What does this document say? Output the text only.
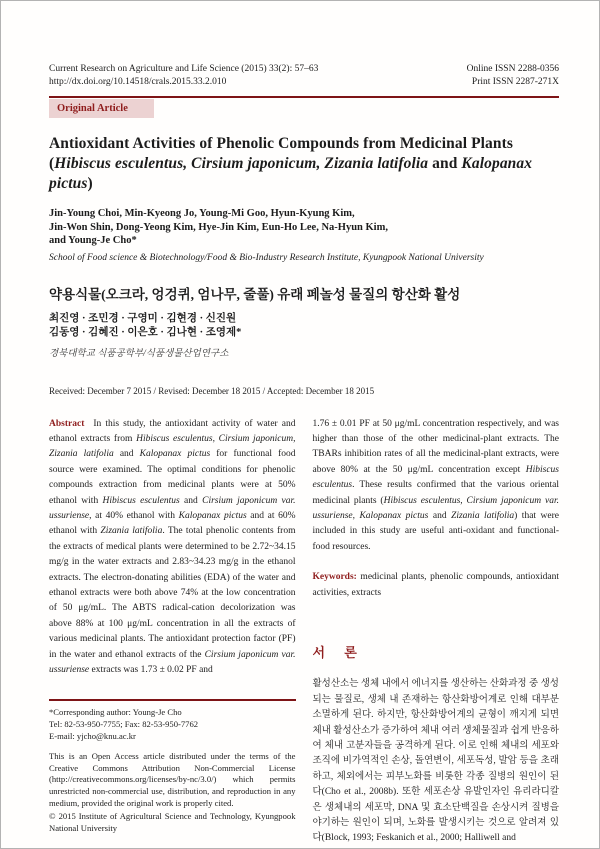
Current Research on Agriculture and Life Science (2015) 33(2): 57–63
http://dx.doi.org/10.14518/crals.2015.33.2.010
Online ISSN 2288-0356
Print ISSN 2287-271X
Original Article
Antioxidant Activities of Phenolic Compounds from Medicinal Plants
(Hibiscus esculentus, Cirsium japonicum, Zizania latifolia and Kalopanax pictus)
Jin-Young Choi, Min-Kyeong Jo, Young-Mi Goo, Hyun-Kyung Kim,
Jin-Won Shin, Dong-Yeong Kim, Hye-Jin Kim, Eun-Ho Lee, Na-Hyun Kim,
and Young-Je Cho*
School of Food science & Biotechnology/Food & Bio-Industry Research Institute, Kyungpook National University
약용식물(오크라, 엉겅퀴, 엄나무, 줄풀) 유래 페놀성 물질의 항산화 활성
최진영 · 조민경 · 구영미 · 김현경 · 신진원
김동영 · 김혜진 · 이은호 · 김나현 · 조영제*
경북대학교 식품공학부/식품생물산업연구소
Received: December 7 2015 / Revised: December 18 2015 / Accepted: December 18 2015
Abstract In this study, the antioxidant activity of water and ethanol extracts from Hibiscus esculentus, Cirsium japonicum, Zizania latifolia and Kalopanax pictus for functional food source were examined. The optimal conditions for phenolic compounds extraction from medicinal plants were at 50% ethanol with Hibiscus esculentus and Cirsium japonicum var. ussuriense, at 40% ethanol with Kalopanax pictus and at 60% ethanol with Zizania latifolia. The total phenolic contents from the extracts of medical plants were determined to be 2.72~34.15 mg/g in the water extracts and 2.83~34.23 mg/g in the ethanol extracts. The electron-donating abilities (EDA) of the water and ethanol extracts were both above 74% at the low concentration of 50 μg/mL. The ABTS radical-cation decolorization was above 88% at 100 μg/mL concentration in all the extracts of various medicinal plants. The antioxidant protection factor (PF) in the water and ethanol extracts of the Cirsium japonicum var. ussuriense extracts was 1.73 ± 0.02 PF and
*Corresponding author: Young-Je Cho
Tel: 82-53-950-7755; Fax: 82-53-950-7762
E-mail: yjcho@knu.ac.kr
This is an Open Access article distributed under the terms of the Creative Commons Attribution Non-Commercial License (http://creativecommons.org/licenses/by-nc/3.0/) which permits unrestricted non-commercial use, distribution, and reproduction in any medium, provided the original work is properly cited.
© 2015 Institute of Agricultural Science and Technology, Kyungpook National University
1.76 ± 0.01 PF at 50 μg/mL concentration respectively, and was higher than those of the other medicinal-plant extracts. The TBARs inhibition rates of all the medicinal-plant extracts, were above 80% at the 50 μg/mL concentration except Hibiscus esculentus. These results confirmed that the various oriental medicinal plants (Hibiscus esculentus, Cirsium japonicum var. ussuriense, Kalopanax pictus and Zizania latifolia) that were included in this study are useful anti-oxidant and functional-food resources.
Keywords: medicinal plants, phenolic compounds, antioxidant activities, extracts
서 론
활성산소는 생체 내에서 에너지를 생산하는 산화과정 중 생성되는 물질로, 생체 내 존재하는 항산화방어계로 인해 대부분 소멸하게 된다. 하지만, 항산화방어계의 균형이 깨지게 되면 체내 활성산소가 증가하여 체내 여러 생체물질과 쉽게 반응하여 체내 고분자들을 공격하게 된다. 이로 인해 체내의 세포와 조직에 비가역적인 손상, 돌연변이, 세포독성, 발암 등을 초래하고, 체외에서는 피부노화를 비롯한 각종 질병의 원인이 된다(Cho et al., 2008b). 또한 세포손상 유발인자인 유리라디칼은 생체내의 세포막, DNA 및 효소단백질을 손상시켜 질병을 야기하는 원인이 되며, 노화를 발생시키는 것으로 알려져 있다(Block, 1993; Feskanich et al., 2000; Halliwell and
